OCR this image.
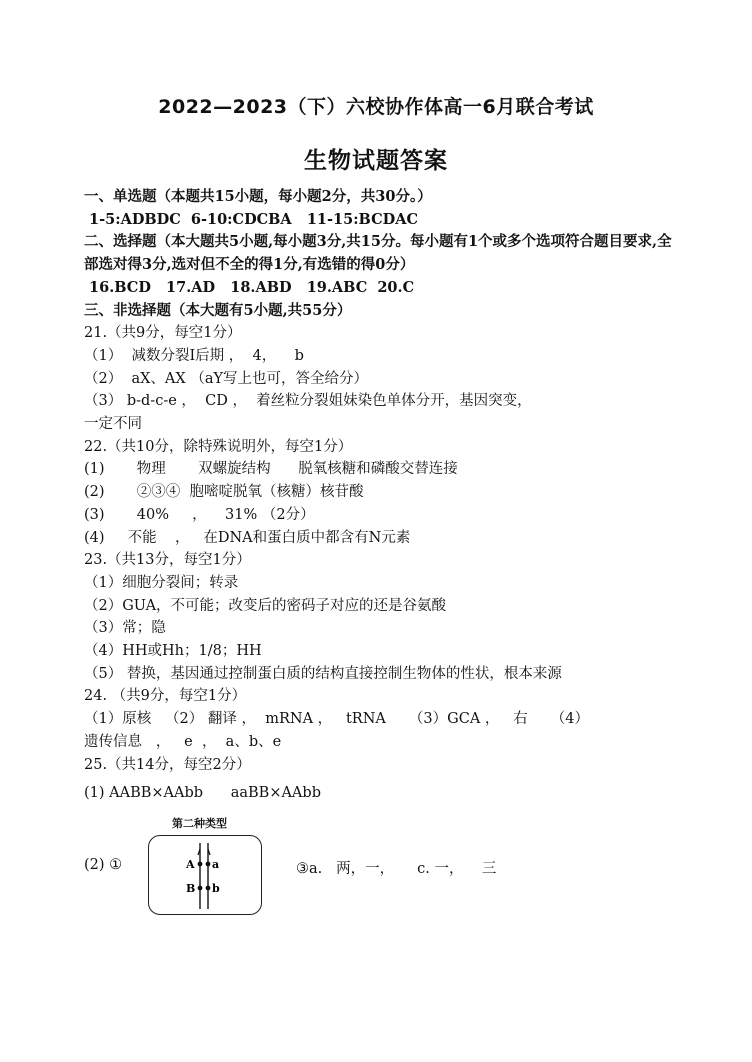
2022—2023（下）六校协作体高一6月联合考试
生物试题答案
一、单选题（本题共15小题，每小题2分，共30分。）
1-5:ADBDC  6-10:CDCBA   11-15:BCDAC
二、选择题（本大题共5小题,每小题3分,共15分。每小题有1个或多个选项符合题目要求,全部选对得3分,选对但不全的得1分,有选错的得0分）
16.BCD   17.AD   18.ABD   19.ABC  20.C
三、非选择题（本大题有5小题,共55分）
21.（共9分，每空1分）
（1）  减数分裂Ⅰ后期 ，  4，    b
（2）  aX、AX （aY写上也可，答全给分）
（3） b-d-c-e ，  CD ，  着丝粒分裂姐妹染色单体分开，基因突变，
一定不同
22.（共10分，除特殊说明外，每空1分）
(1)       物理       双螺旋结构      脱氧核糖和磷酸交替连接
(2)       ②③④  胞嘧啶脱氧（核糖）核苷酸
(3)       40%     ，    31% （2分）
(4)     不能    ，   在DNA和蛋白质中都含有N元素
23.（共13分，每空1分）
（1）细胞分裂间；转录
（2）GUA，不可能；改变后的密码子对应的还是谷氨酸
（3）常；隐
（4）HH或Hh；1/8；HH
（5） 替换，基因通过控制蛋白质的结构直接控制生物体的性状，根本来源
24. （共9分，每空1分）
（1）原核   （2） 翻译 ，  mRNA ，   tRNA     （3）GCA ，   右     （4）
遗传信息   ，   e  ，  a、b、e
25.（共14分，每空2分）
(1) AABB×AAbb      aaBB×AAbb
(2) ①
第二种类型
A a
B b
③a.   两，一，     c. 一，    三
